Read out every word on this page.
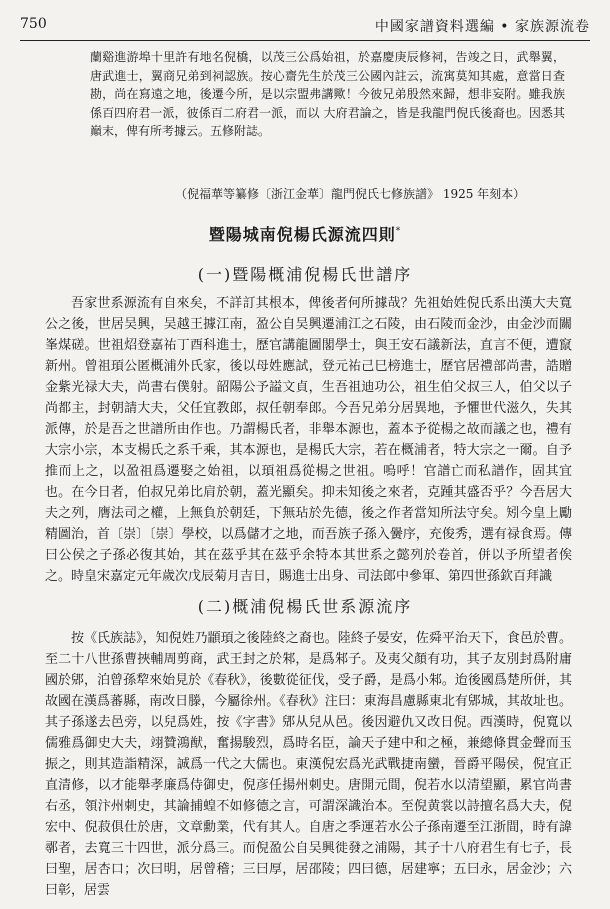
750	中國家譜資料選編 • 家族源流卷

蘭谿進游埠十里許有地名倪橋，以茂三公爲始祖，於嘉慶庚辰修祠，告竣之日，武舉翼，唐武進士，翼商兄弟到祠認族。按心齋先生於茂三公國內註云，流寓莫知其處，意當日查勘，尚在寫遠之地，後遷今所，是以宗盟弗講歟！今彼兄弟殷然來歸，想非妄附。雖我族係百四府君一派，彼係百二府君一派，而以 大府君論之，皆是我龍門倪氏後裔也。因悉其巔末，俾有所考據云。五修附誌。

（倪福華等纂修〔浙江金華〕龍門倪氏七修族譜》 1925 年刻本）
暨陽城南倪楊氏源流四則*
(一)暨陽概浦倪楊氏世譜序

吾家世系源流有自來矣，不詳訂其根本，俾後者何所據哉？先祖始姓倪氏系出漢大夫寬公之後，世居吴興，吴越王據江南，盈公自吴興遷浦江之石陵，由石陵而金沙，由金沙而關峯煤磋。世祖炤登嘉祐丁酉科進士，歷官講龍圖閣學士，與王安石議新法，直言不便，遭竄新州。曾祖頊公匿概浦外氏家，後以母姓應試，登元祐己巳榜進士，歷官居禮部尚書，誥贈金紫光禄大夫，尚書右僕射。韶陽公予謚文貞，生吾祖迪功公，祖生伯父叔三人，伯父以子尚都主，封朝請大夫，父任宜教郎，叔任朝奉郎。今吾兄弟分居異地，予懼世代滋久，失其派傳，於是吾之世譜所由作也。乃謂楊氏者，非舉本源也，蓋本予從楊之故而議之也，禮有大宗小宗，本支楊氏之系千乘，其本源也，是楊氏大宗，若在概浦者，特大宗之一爾。自予推而上之，以盈祖爲遷娶之始祖，以頊祖爲從楊之世祖。嗚呼！官譜亡而私譜作，固其宜也。在今日者，伯叔兄弟比肩於朝，蓋光顯矣。抑未知後之來者，克踵其盛否乎？今吾居大夫之列，膺法司之權，上無負於朝廷，下無玷於先德，後之作者當知所法守矣。矧今皇上勵精圖治，首〔崇〕〔崇〕學校，以爲儲才之地，而吾族子孫入黌序，充俊秀，選有禄食焉。傳曰公侯之子孫必復其始，其在茲乎其在茲乎余特本其世系之懿列於卷首，併以予所望者俟之。 時皇宋嘉定元年歲次戊辰菊月吉日，賜進士出身、司法郎中參軍、第四世孫欽百拜識

(二)概浦倪楊氏世系源流序

按《氏族誌》，知倪姓乃顓頊之後陸終之裔也。陸終子晏安，佐舜平治天下，食邑於曹。至二十八世孫曹挾輔周剪商，武王封之於邾，是爲邾子。及夷父顏有功，其子友別封爲附庸國於郳，泊曾孫犂來始見於《春秋》，後數從征伐，受子爵，是爲小邾。迨後國爲楚所併，其故國在漢爲蕃縣，南改日滕，今屬徐州。《春秋》注曰：東海昌慮縣東北有郳城，其故址也。其子孫遂去邑旁，以兒爲姓，按《字書》郳从兒从邑。後因避仇又改日倪。西漢時，倪寬以儒雅爲御史大夫，翊贊鴻猷，奮揚駿烈，爲時名臣，論天子建中和之極，兼總條貫金聲而玉振之，則其造詣精深，誠爲一代之大儒也。東漢倪宏爲光武戰捷南蠻，晉爵平陽侯，倪宜正直清修，以才能舉孝廉爲侍御史，倪彦任揚州刺史。唐開元間，倪若水以清望顯，累官尚書右丞，領汴州刺史，其論捕蝗不如修德之言，可謂深識治本。至倪黄裳以詩擅名爲大夫，倪宏中、倪菽俱仕於唐，文章勳業，代有其人。自唐之季運若水公子孫南遷至江浙間，時有諱鄩者，去寬三十四世，派分爲三。而倪盈公自吴興徙發之浦陽，其子十八府君生有七子，長曰聖，居杏口；次曰明，居曾稽；三曰厚，居邵陵；四曰德，居建寧；五曰永，居金沙；六曰彰，居雲
